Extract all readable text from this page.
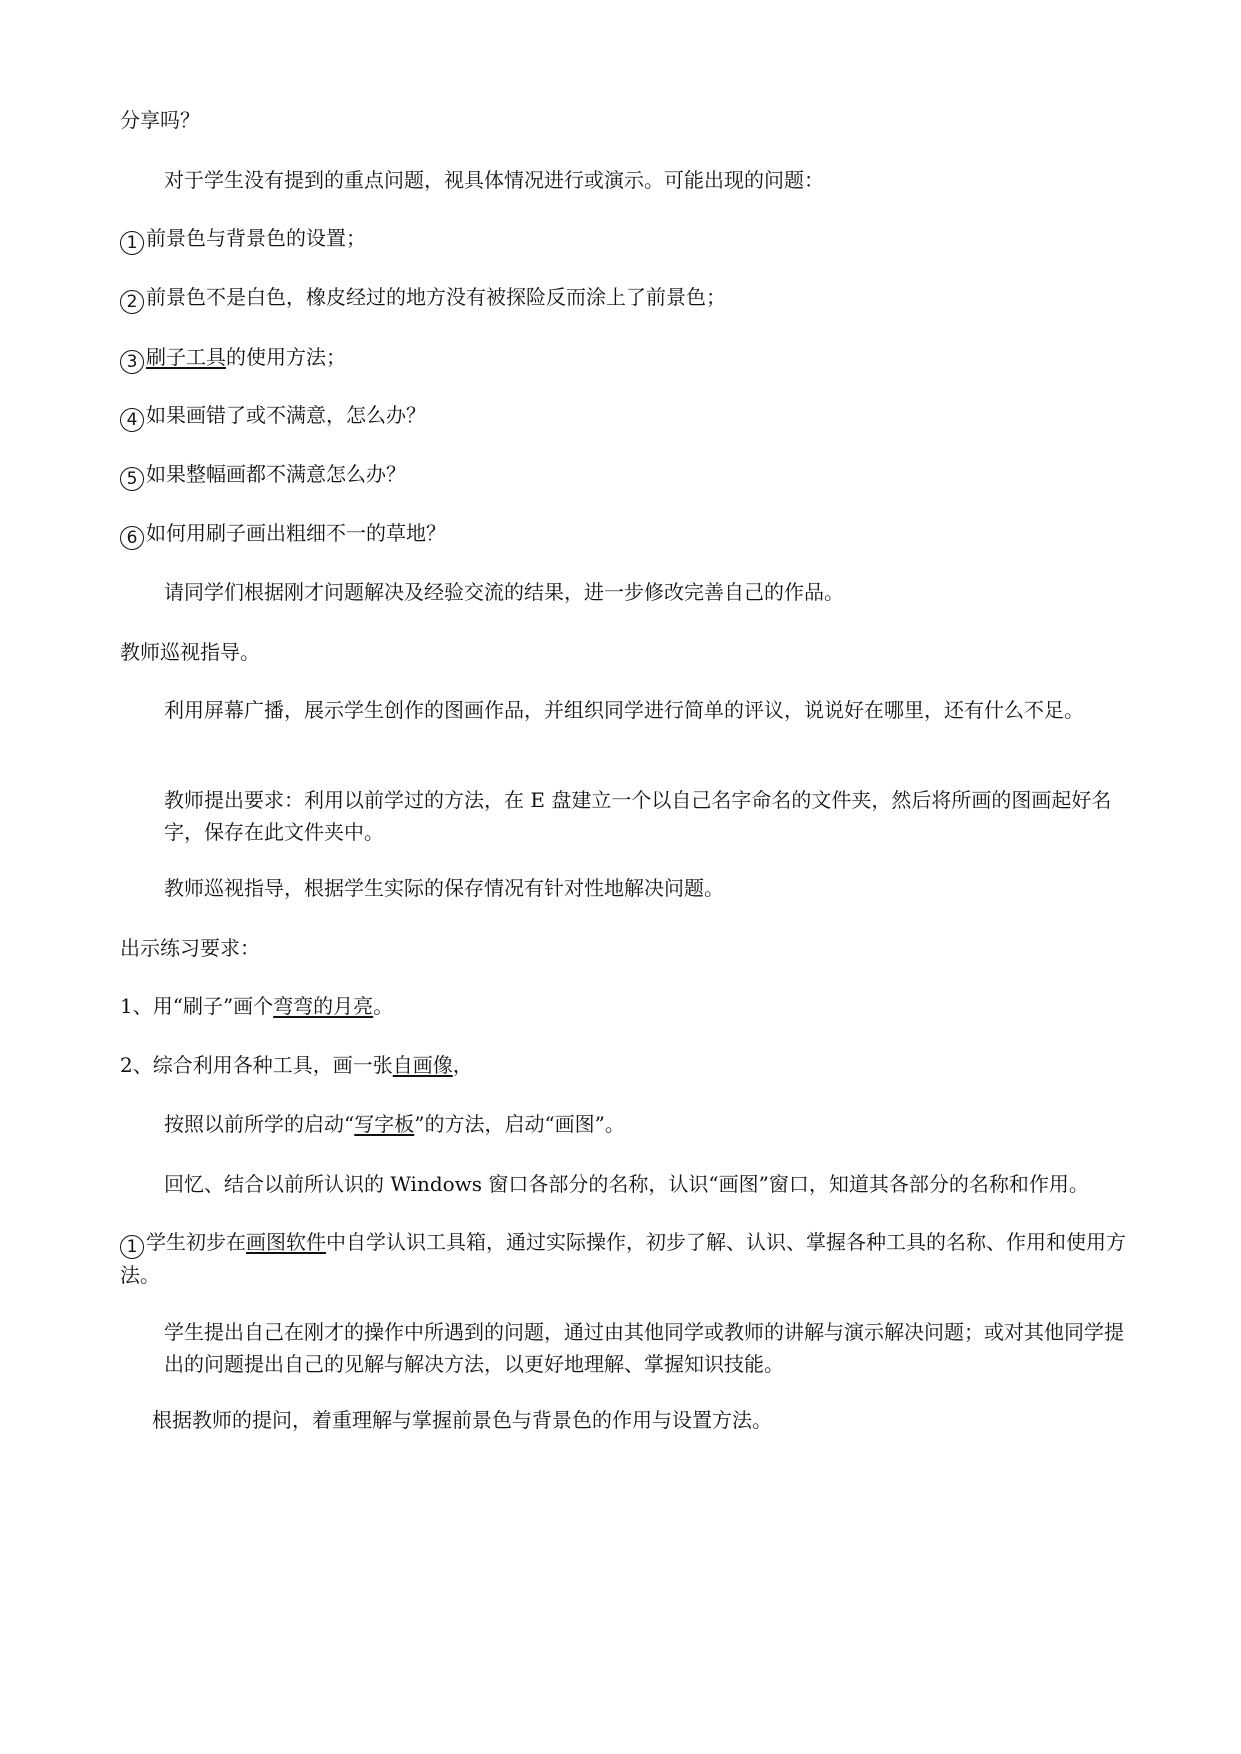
分享吗？
对于学生没有提到的重点问题，视具体情况进行或演示。可能出现的问题：
1 前景色与背景色的设置；
2 前景色不是白色，橡皮经过的地方没有被探险反而涂上了前景色；
3 刷子工具的使用方法；
4 如果画错了或不满意，怎么办？
5 如果整幅画都不满意怎么办？
6 如何用刷子画出粗细不一的草地？
请同学们根据刚才问题解决及经验交流的结果，进一步修改完善自己的作品。
教师巡视指导。
利用屏幕广播，展示学生创作的图画作品，并组织同学进行简单的评议，说说好在哪里，还有什么不足。
教师提出要求：利用以前学过的方法，在 E 盘建立一个以自己名字命名的文件夹，然后将所画的图画起好名字，保存在此文件夹中。
教师巡视指导，根据学生实际的保存情况有针对性地解决问题。
出示练习要求：
1、用“刷子”画个弯弯的月亮。
2、综合利用各种工具，画一张自画像，
按照以前所学的启动“写字板”的方法，启动“画图”。
回忆、结合以前所认识的 Windows 窗口各部分的名称，认识“画图”窗口，知道其各部分的名称和作用。
1 学生初步在画图软件中自学认识工具箱，通过实际操作，初步了解、认识、掌握各种工具的名称、作用和使用方法。
学生提出自己在刚才的操作中所遇到的问题，通过由其他同学或教师的讲解与演示解决问题；或对其他同学提出的问题提出自己的见解与解决方法，以更好地理解、掌握知识技能。
根据教师的提问，着重理解与掌握前景色与背景色的作用与设置方法。
